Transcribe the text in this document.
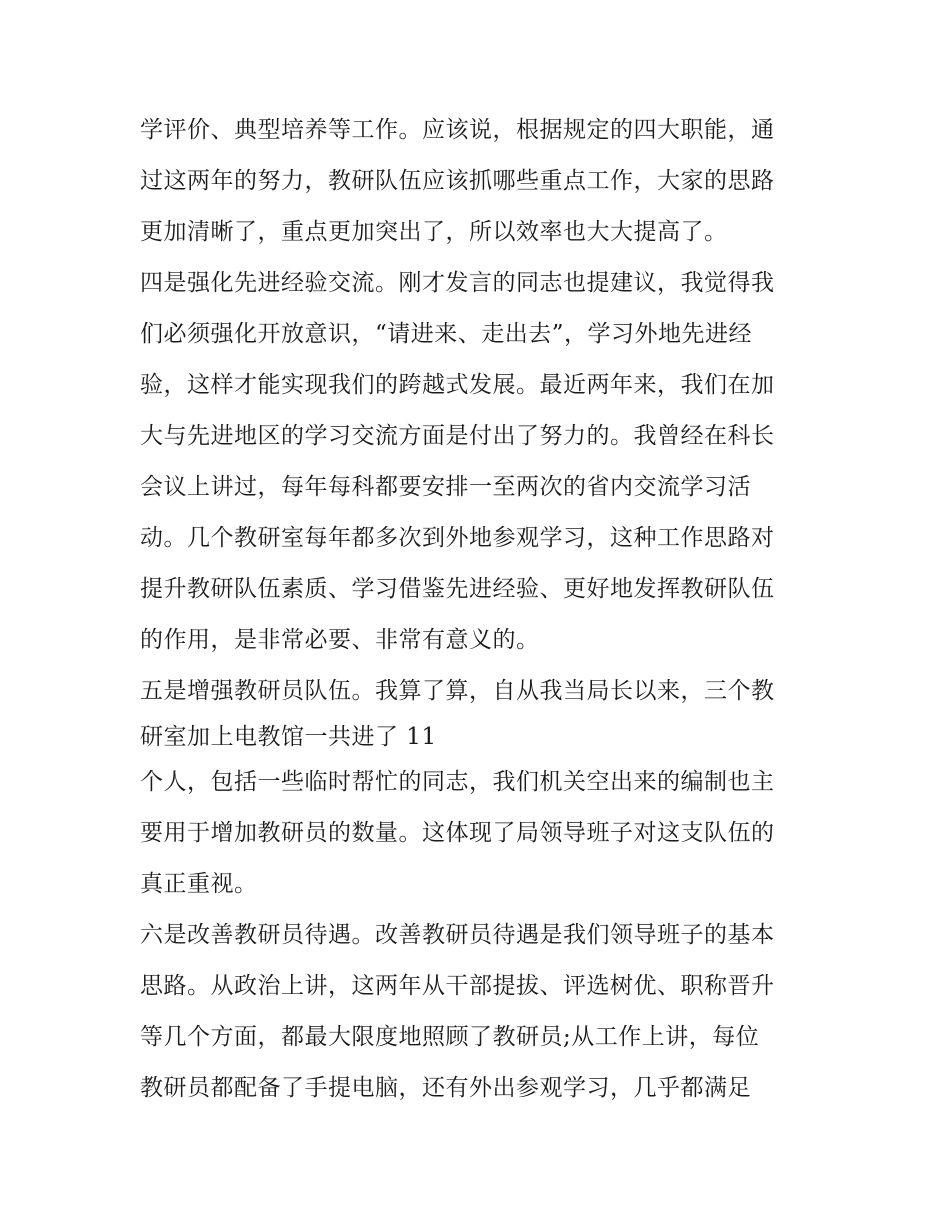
学评价、典型培养等工作。应该说，根据规定的四大职能，通
过这两年的努力，教研队伍应该抓哪些重点工作，大家的思路
更加清晰了，重点更加突出了，所以效率也大大提高了。
四是强化先进经验交流。刚才发言的同志也提建议，我觉得我
们必须强化开放意识，“请进来、走出去”，学习外地先进经
验，这样才能实现我们的跨越式发展。最近两年来，我们在加
大与先进地区的学习交流方面是付出了努力的。我曾经在科长
会议上讲过，每年每科都要安排一至两次的省内交流学习活
动。几个教研室每年都多次到外地参观学习，这种工作思路对
提升教研队伍素质、学习借鉴先进经验、更好地发挥教研队伍
的作用，是非常必要、非常有意义的。
五是增强教研员队伍。我算了算，自从我当局长以来，三个教
研室加上电教馆一共进了 11
个人，包括一些临时帮忙的同志，我们机关空出来的编制也主
要用于增加教研员的数量。这体现了局领导班子对这支队伍的
真正重视。
六是改善教研员待遇。改善教研员待遇是我们领导班子的基本
思路。从政治上讲，这两年从干部提拔、评选树优、职称晋升
等几个方面，都最大限度地照顾了教研员;从工作上讲，每位
教研员都配备了手提电脑，还有外出参观学习，几乎都满足
